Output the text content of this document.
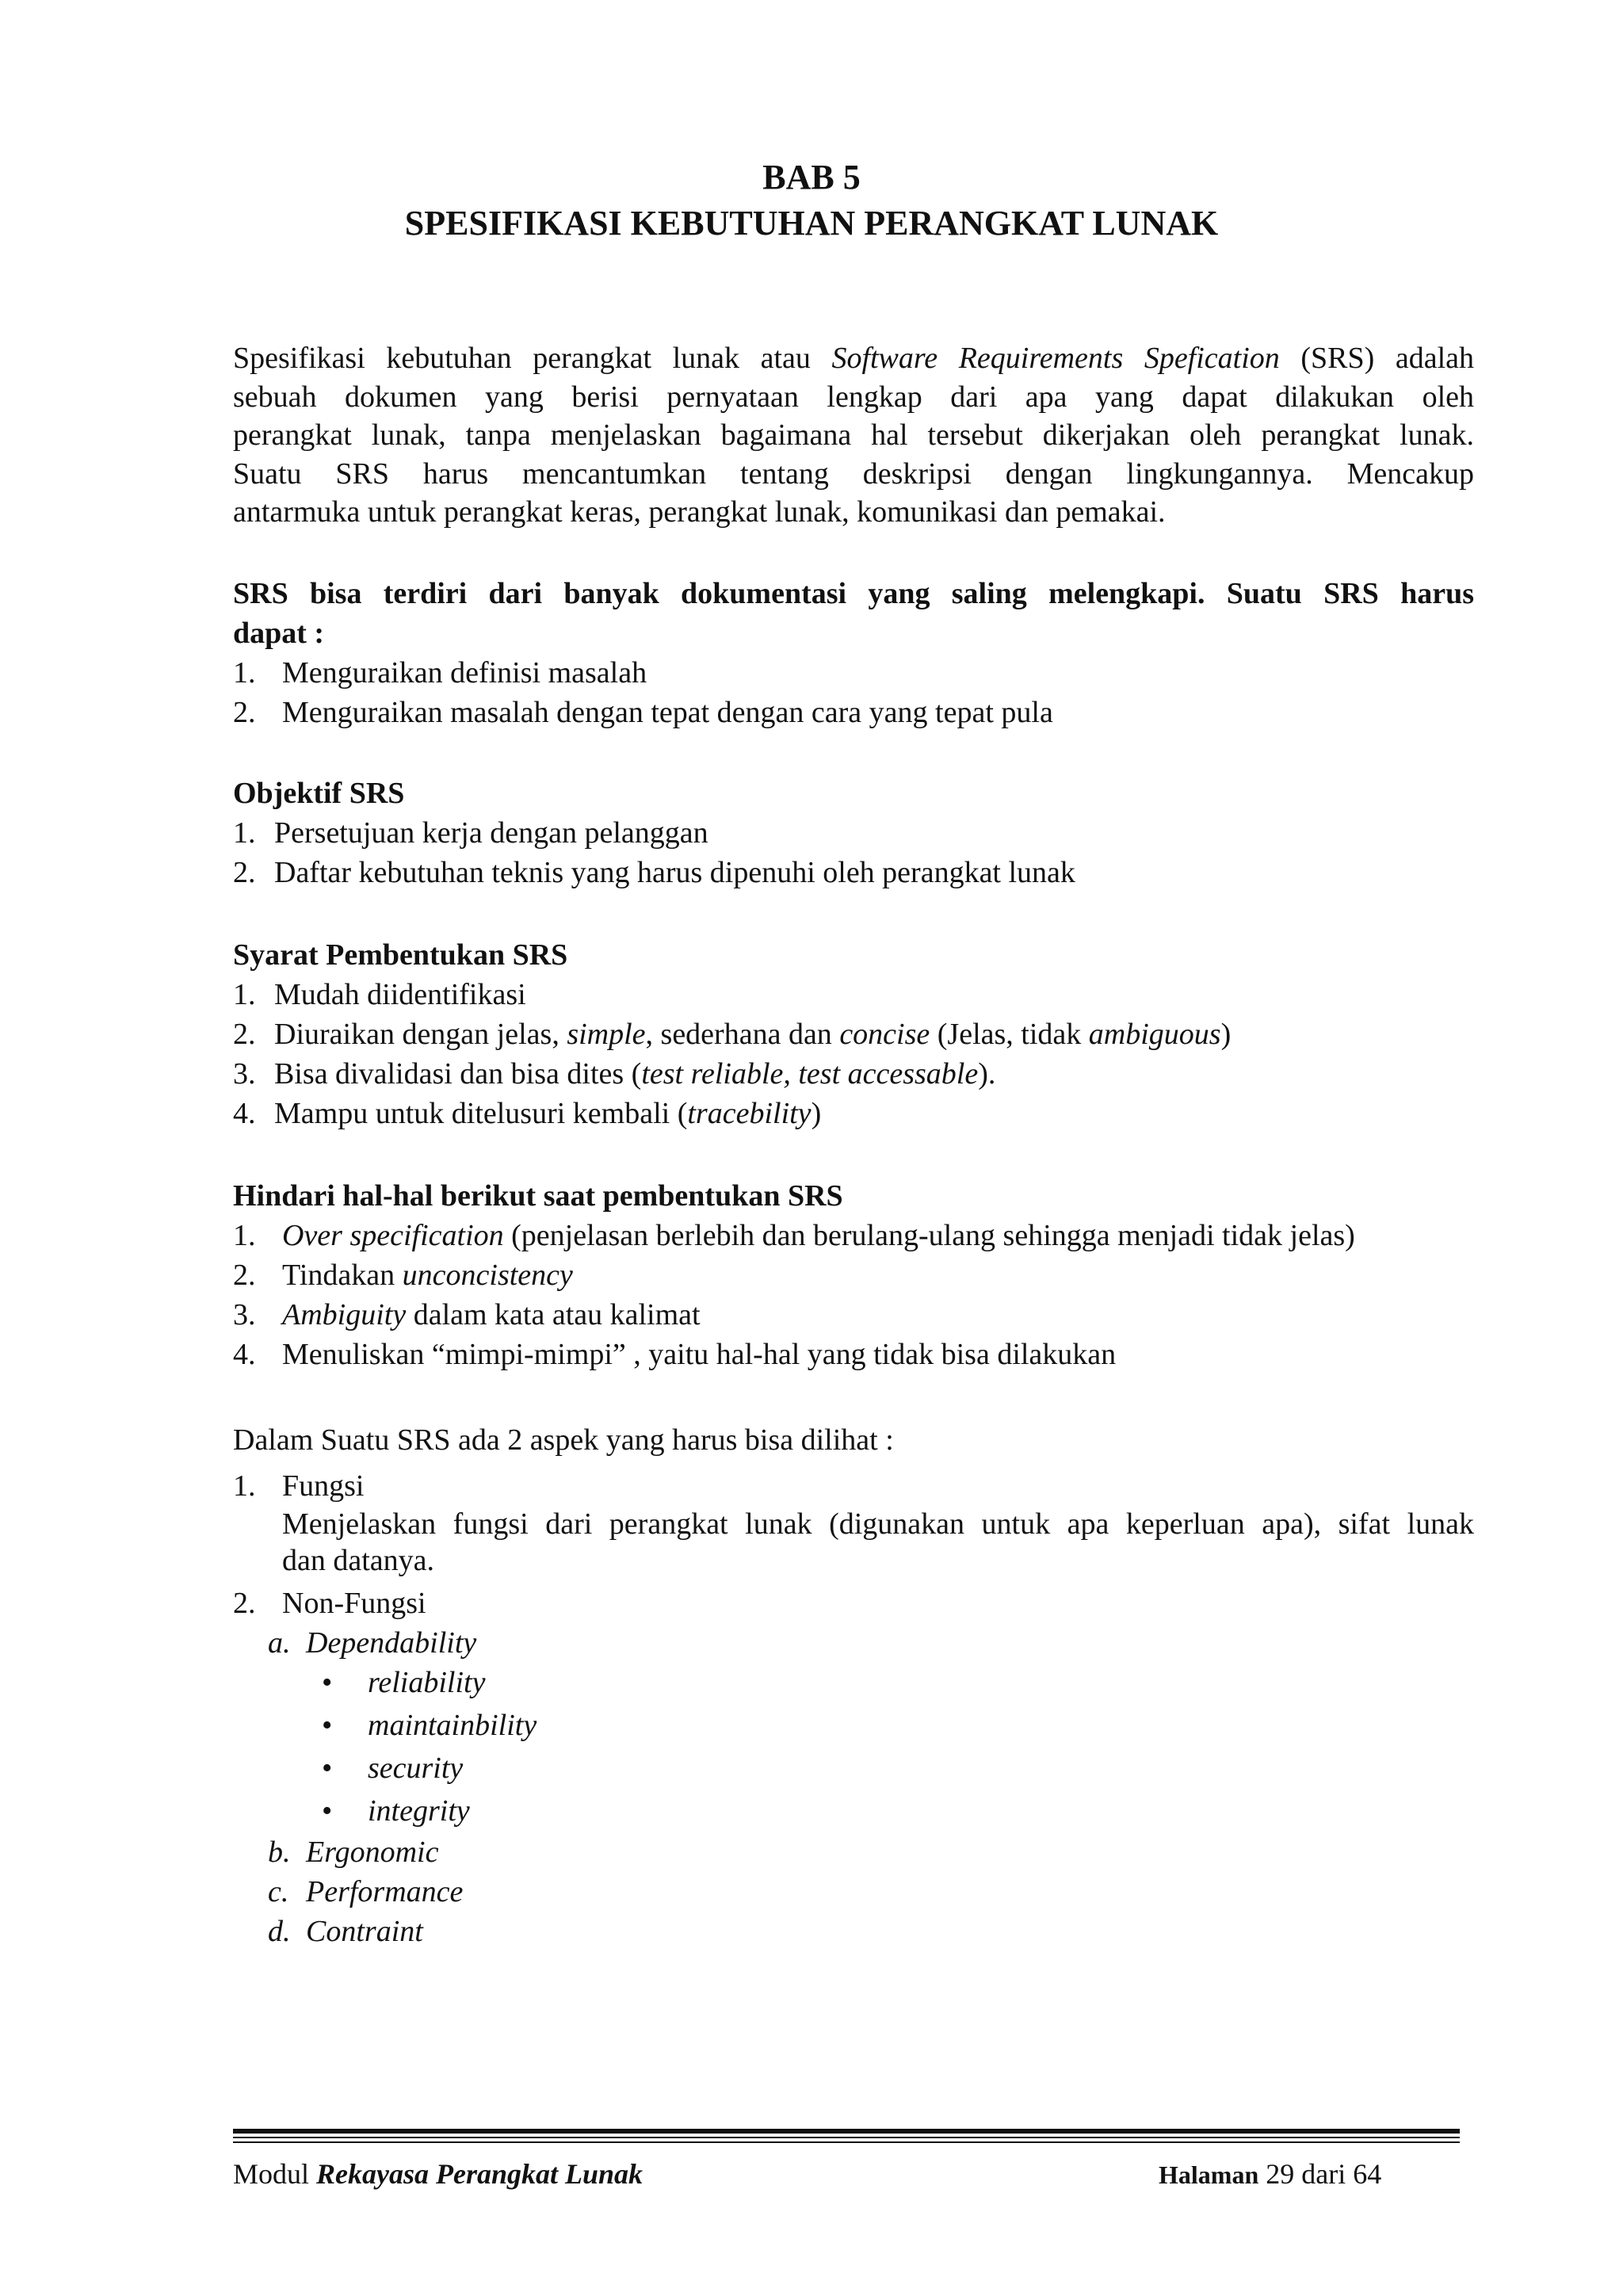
BAB 5
SPESIFIKASI KEBUTUHAN PERANGKAT LUNAK
Spesifikasi kebutuhan perangkat lunak atau Software Requirements Spefication (SRS) adalah
sebuah dokumen yang berisi pernyataan lengkap dari apa yang dapat dilakukan oleh
perangkat lunak, tanpa menjelaskan bagaimana hal tersebut dikerjakan oleh perangkat lunak.
Suatu SRS harus mencantumkan tentang deskripsi dengan lingkungannya. Mencakup
antarmuka untuk perangkat keras, perangkat lunak, komunikasi dan pemakai.
SRS bisa terdiri dari banyak dokumentasi yang saling melengkapi. Suatu SRS harus
dapat :
1. Menguraikan definisi masalah
2. Menguraikan masalah dengan tepat dengan cara yang tepat pula
Objektif SRS
1. Persetujuan kerja dengan pelanggan
2. Daftar kebutuhan teknis yang harus dipenuhi oleh perangkat lunak
Syarat Pembentukan SRS
1. Mudah diidentifikasi
2. Diuraikan dengan jelas, simple, sederhana dan concise (Jelas, tidak ambiguous)
3. Bisa divalidasi dan bisa dites (test reliable, test accessable).
4. Mampu untuk ditelusuri kembali (tracebility)
Hindari hal-hal berikut saat pembentukan SRS
1. Over specification (penjelasan berlebih dan berulang-ulang sehingga menjadi tidak jelas)
2. Tindakan unconcistency
3. Ambiguity dalam kata atau kalimat
4. Menuliskan “mimpi-mimpi” , yaitu hal-hal yang tidak bisa dilakukan
Dalam Suatu SRS ada 2 aspek yang harus bisa dilihat :
1. Fungsi
Menjelaskan fungsi dari perangkat lunak (digunakan untuk apa keperluan apa), sifat lunak
dan datanya.
2. Non-Fungsi
a. Dependability
• reliability
• maintainbility
• security
• integrity
b. Ergonomic
c. Performance
d. Contraint
Modul Rekayasa Perangkat Lunak	Halaman 29 dari 64
